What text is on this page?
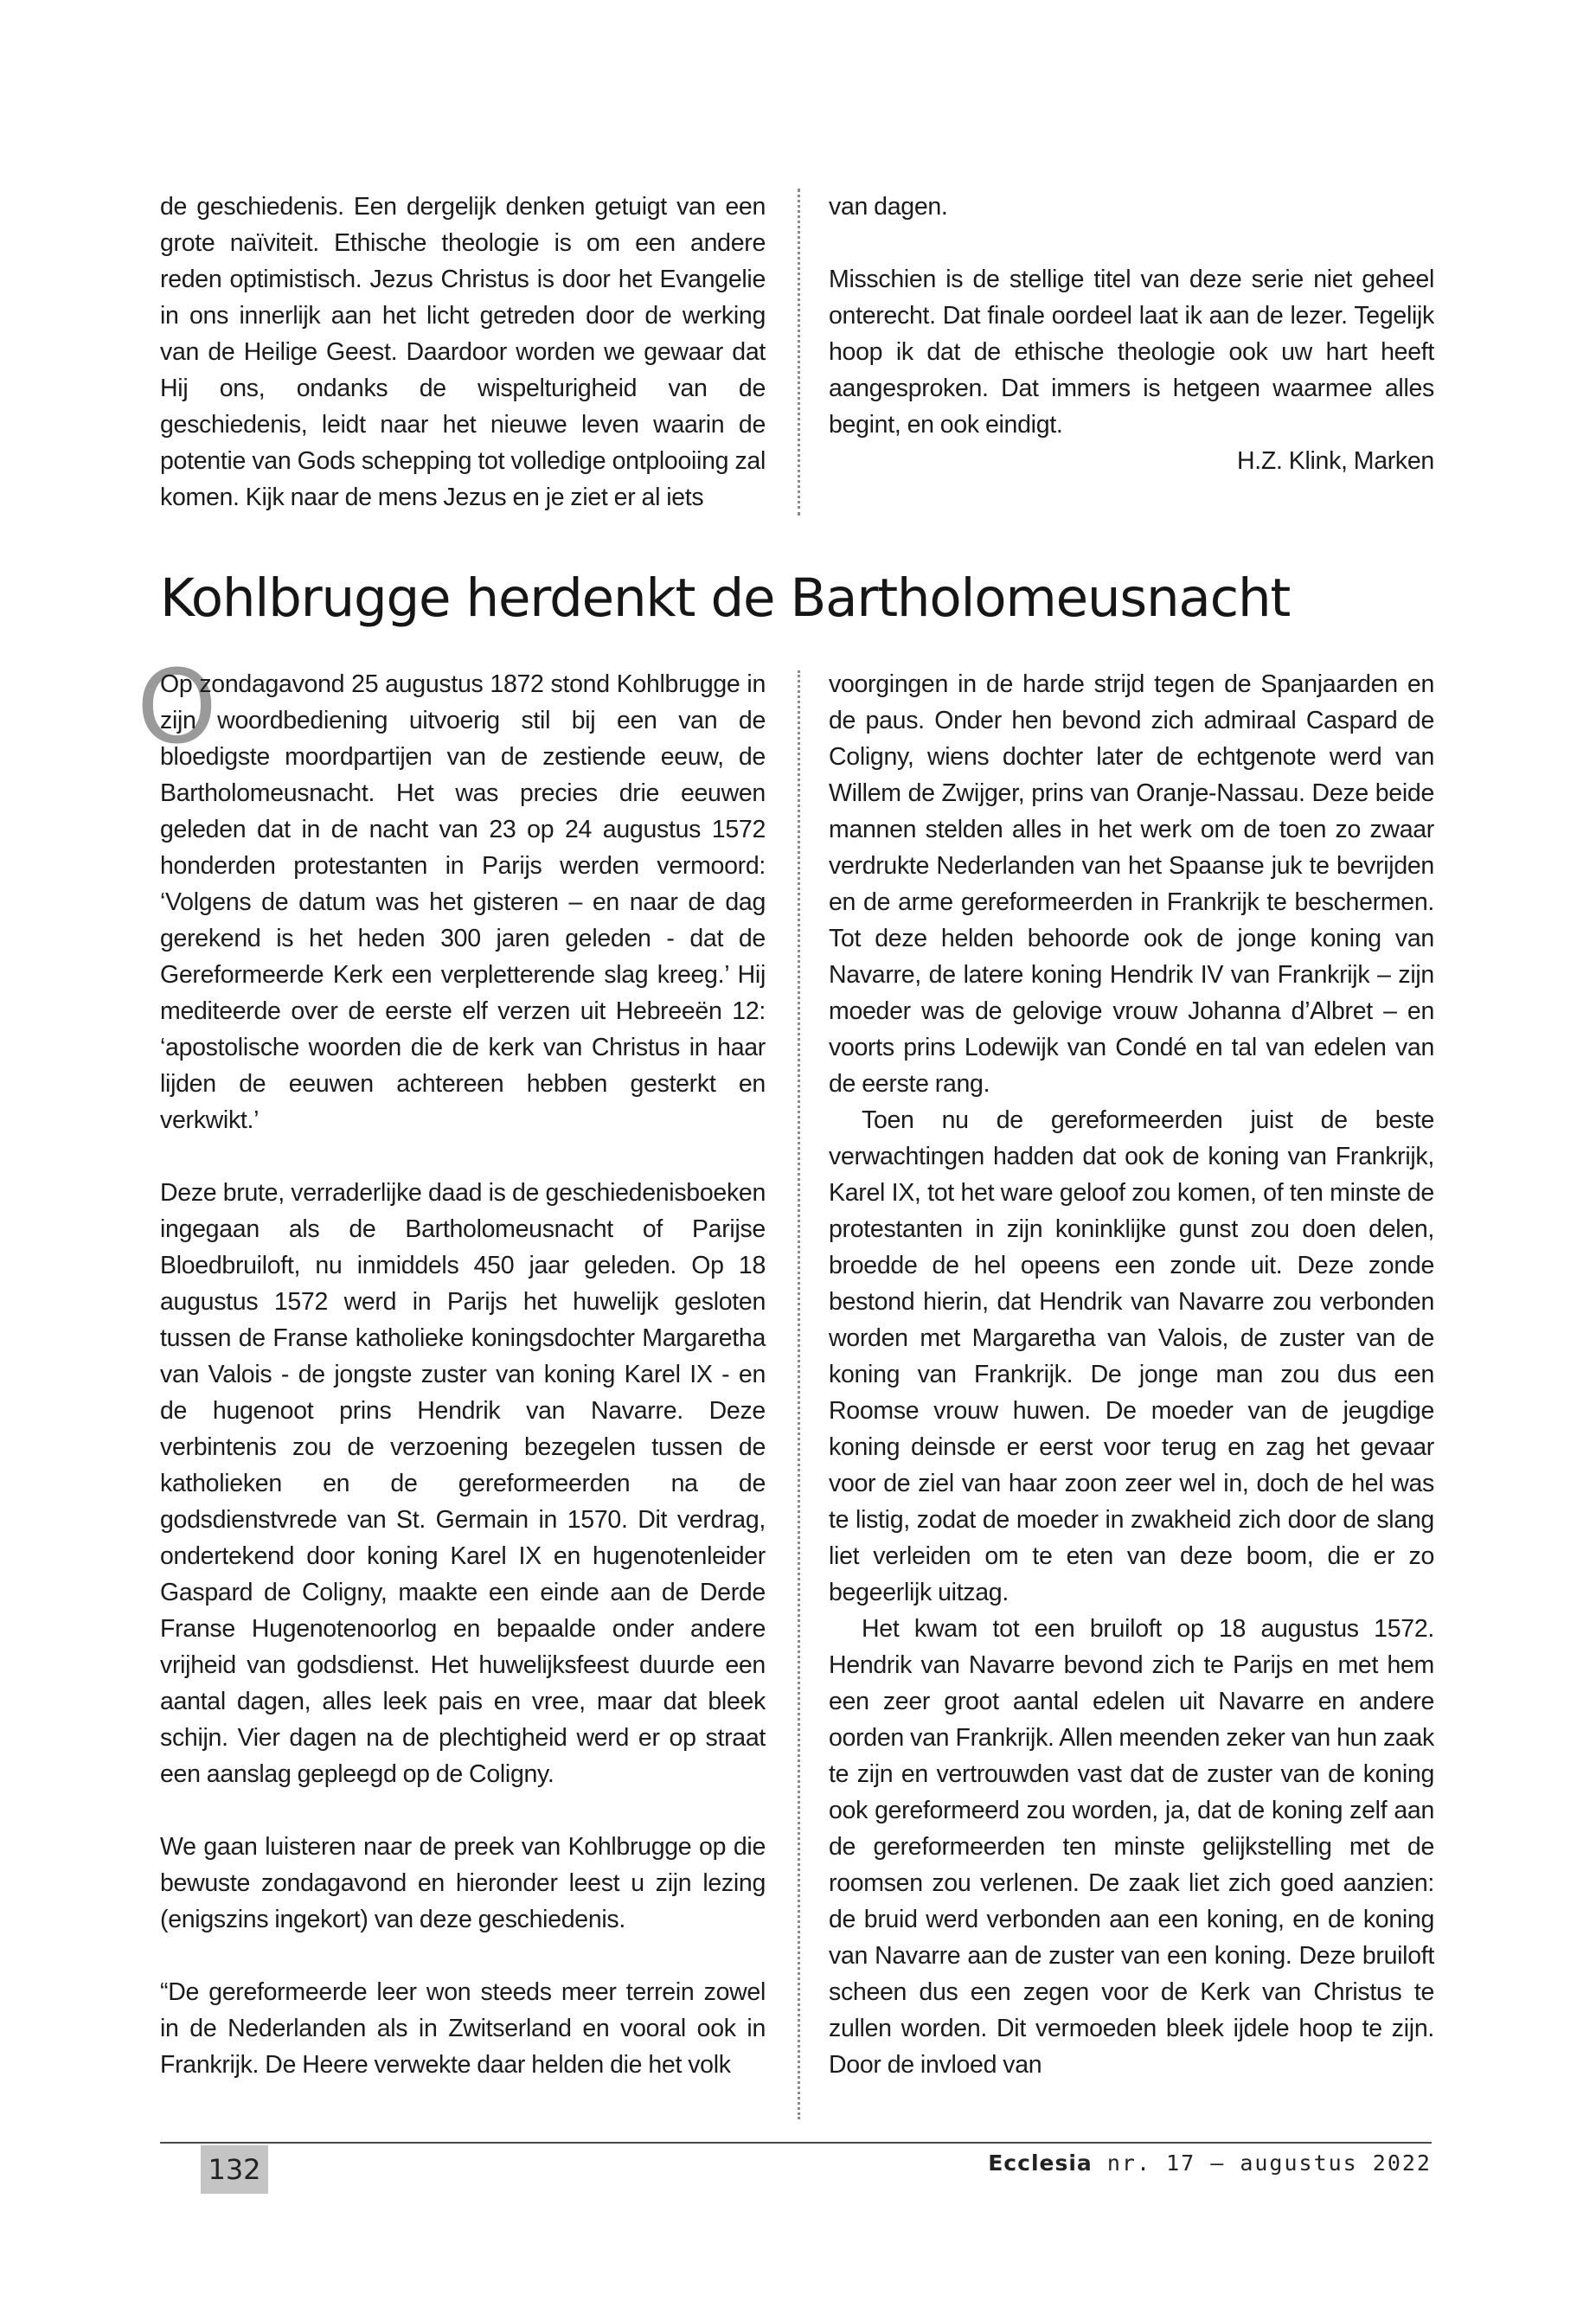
de geschiedenis. Een dergelijk denken getuigt van een grote naïviteit. Ethische theologie is om een andere reden optimistisch. Jezus Christus is door het Evangelie in ons innerlijk aan het licht getreden door de werking van de Heilige Geest. Daardoor worden we gewaar dat Hij ons, ondanks de wispelturigheid van de geschiedenis, leidt naar het nieuwe leven waarin de potentie van Gods schepping tot volledige ontplooiing zal komen. Kijk naar de mens Jezus en je ziet er al iets

van dagen.

Misschien is de stellige titel van deze serie niet geheel onterecht. Dat finale oordeel laat ik aan de lezer. Tegelijk hoop ik dat de ethische theologie ook uw hart heeft aangesproken. Dat immers is hetgeen waarmee alles begint, en ook eindigt.

H.Z. Klink, Marken

Kohlbrugge herdenkt de Bartholomeusnacht
O

Op zondagavond 25 augustus 1872 stond Kohlbrugge in zijn woordbediening uitvoerig stil bij een van de bloedigste moordpartijen van de zestiende eeuw, de Bartholomeusnacht. Het was precies drie eeuwen geleden dat in de nacht van 23 op 24 augustus 1572 honderden protestanten in Parijs werden vermoord: ‘Volgens de datum was het gisteren – en naar de dag gerekend is het heden 300 jaren geleden - dat de Gereformeerde Kerk een verpletterende slag kreeg.’ Hij mediteerde over de eerste elf verzen uit Hebreeën 12: ‘apostolische woorden die de kerk van Christus in haar lijden de eeuwen achtereen hebben gesterkt en verkwikt.’

Deze brute, verraderlijke daad is de geschiedenisboeken ingegaan als de Bartholomeusnacht of Parijse Bloedbruiloft, nu inmiddels 450 jaar geleden. Op 18 augustus 1572 werd in Parijs het huwelijk gesloten tussen de Franse katholieke koningsdochter Margaretha van Valois - de jongste zuster van koning Karel IX - en de hugenoot prins Hendrik van Navarre. Deze verbintenis zou de verzoening bezegelen tussen de katholieken en de gereformeerden na de godsdienstvrede van St. Germain in 1570. Dit verdrag, ondertekend door koning Karel IX en hugenotenleider Gaspard de Coligny, maakte een einde aan de Derde Franse Hugenotenoorlog en bepaalde onder andere vrijheid van godsdienst. Het huwelijksfeest duurde een aantal dagen, alles leek pais en vree, maar dat bleek schijn. Vier dagen na de plechtigheid werd er op straat een aanslag gepleegd op de Coligny.

We gaan luisteren naar de preek van Kohlbrugge op die bewuste zondagavond en hieronder leest u zijn lezing (enigszins ingekort) van deze geschiedenis.

“De gereformeerde leer won steeds meer terrein zowel in de Nederlanden als in Zwitserland en vooral ook in Frankrijk. De Heere verwekte daar helden die het volk

voorgingen in de harde strijd tegen de Spanjaarden en de paus. Onder hen bevond zich admiraal Caspard de Coligny, wiens dochter later de echtgenote werd van Willem de Zwijger, prins van Oranje-Nassau. Deze beide mannen stelden alles in het werk om de toen zo zwaar verdrukte Nederlanden van het Spaanse juk te bevrijden en de arme gereformeerden in Frankrijk te beschermen. Tot deze helden behoorde ook de jonge koning van Navarre, de latere koning Hendrik IV van Frankrijk – zijn moeder was de gelovige vrouw Johanna d’Albret – en voorts prins Lodewijk van Condé en tal van edelen van de eerste rang.

Toen nu de gereformeerden juist de beste verwachtingen hadden dat ook de koning van Frankrijk, Karel IX, tot het ware geloof zou komen, of ten minste de protestanten in zijn koninklijke gunst zou doen delen, broedde de hel opeens een zonde uit. Deze zonde bestond hierin, dat Hendrik van Navarre zou verbonden worden met Margaretha van Valois, de zuster van de koning van Frankrijk. De jonge man zou dus een Roomse vrouw huwen. De moeder van de jeugdige koning deinsde er eerst voor terug en zag het gevaar voor de ziel van haar zoon zeer wel in, doch de hel was te listig, zodat de moeder in zwakheid zich door de slang liet verleiden om te eten van deze boom, die er zo begeerlijk uitzag.

Het kwam tot een bruiloft op 18 augustus 1572. Hendrik van Navarre bevond zich te Parijs en met hem een zeer groot aantal edelen uit Navarre en andere oorden van Frankrijk. Allen meenden zeker van hun zaak te zijn en vertrouwden vast dat de zuster van de koning ook gereformeerd zou worden, ja, dat de koning zelf aan de gereformeerden ten minste gelijkstelling met de roomsen zou verlenen. De zaak liet zich goed aanzien: de bruid werd verbonden aan een koning, en de koning van Navarre aan de zuster van een koning. Deze bruiloft scheen dus een zegen voor de Kerk van Christus te zullen worden. Dit vermoeden bleek ijdele hoop te zijn. Door de invloed van

132	Ecclesia nr. 17 — augustus 2022
